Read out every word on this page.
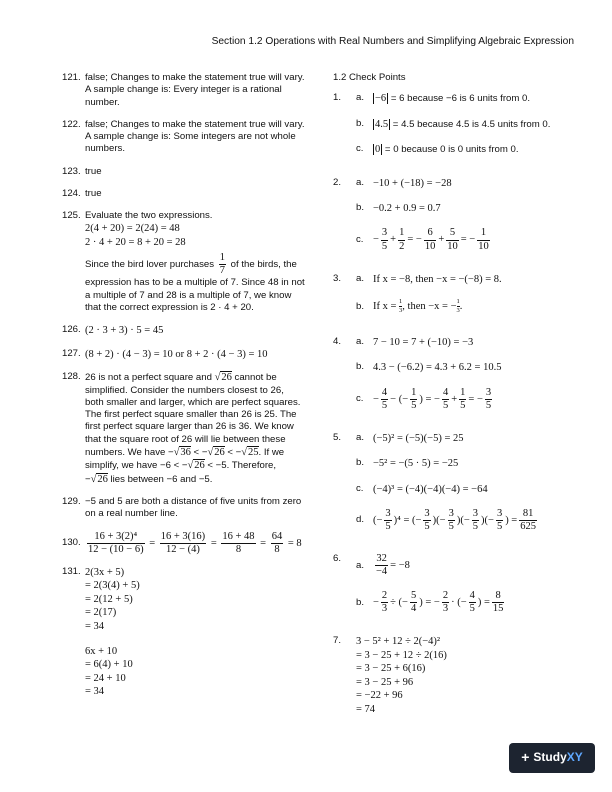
Section 1.2 Operations with Real Numbers and Simplifying Algebraic Expression
121. false; Changes to make the statement true will vary.
A sample change is: Every integer is a rational
number.
122. false; Changes to make the statement true will vary.
A sample change is: Some integers are not whole
numbers.
123. true
124. true
125. Evaluate the two expressions.
2(4 + 20) = 2(24) = 48
2 · 4 + 20 = 8 + 20 = 28
Since the bird lover purchases $\frac{1}{7}$ of the birds, the
expression has to be a multiple of 7. Since 48 in not
a multiple of 7 and 28 is a multiple of 7, we know
that the correct expression is 2 · 4 + 20.
126. (2 · 3 + 3) · 5 = 45
127. (8 + 2) · (4 − 3) = 10 or 8 + 2 · (4 − 3) = 10
128. 26 is not a perfect square and √26 cannot be
simplified. Consider the numbers closest to 26,
both smaller and larger, which are perfect squares.
The first perfect square smaller than 26 is 25. The
first perfect square larger than 26 is 36. We know
that the square root of 26 will lie between these
numbers. We have −√36 < −√26 < −√25. If we
simplify, we have −6 < −√26 < −5. Therefore,
−√26 lies between −6 and −5.
129. −5 and 5 are both a distance of five units from zero
on a real number line.
130. $\frac{\text{16 + 3(2)⁴}}{12 - (10 - 6)} = \frac{16 + 3(16)}{12 - (4)} = \frac{16 + 48}{8} = \frac{64}{8} = 8$
131. 2(3x + 5)
= 2(3(4) + 5)
= 2(12 + 5)
= 2(17)
= 34
6x + 10
= 6(4) + 10
= 24 + 10
= 34
1.2 Check Points
1.	a.	−6 = 6 because −6 is 6 units from 0.
b.	4.5 = 4.5 because 4.5 is 4.5 units from 0.
c.	0 = 0 because 0 is 0 units from 0.
2.	a. −10 + (−18) = −28
b. −0.2 + 0.9 = 0.7
c. − $\frac{3}{5} + \frac{1}{2}$ = − $\frac{6}{10} + \frac{5}{10}$ = − $\frac{1}{10}$
3.	a. If x = −8, then −x = −(−8) = 8.
b. If $x = \frac{1}{3}$ , then −x = − $\frac{1}{3}$ .
4.	a. 7 − 10 = 7 + (−10) = −3
b. 4.3 − (−6.2) = 4.3 + 6.2 = 10.5
c. − $\frac{4}{5}$ − (− $\frac{1}{5}$ ) = − $\frac{4}{5} + \frac{1}{5}$ = − $\frac{3}{5}$
5.	a. (−5)² = (−5)(−5) = 25
b. −5² = −(5 · 5) = −25
c. (−4)³ = (−4)(−4)(−4) = −64
d. (− $\frac{3}{5} )^4$ = (− $\frac{3}{5}$ )(− $\frac{3}{5}$ )(− $\frac{3}{5}$ )(− $\frac{3}{5}$ ) = $\frac{81}{625}$
6.
a.	$\frac{32}{-4} = -8$
b. − $\frac{2}{3}$ ÷ (− $\frac{5}{4}$ ) = − $\frac{2}{3}$ · (− $\frac{4}{5}$ ) = $\frac{8}{15}$
7.	3 − 5² + 12 ÷ 2(−4)²
= 3 − 25 + 12 ÷ 2(16)
= 3 − 25 + 6(16)
= 3 − 25 + 96
= −22 + 96
= 74
+ Study XY
